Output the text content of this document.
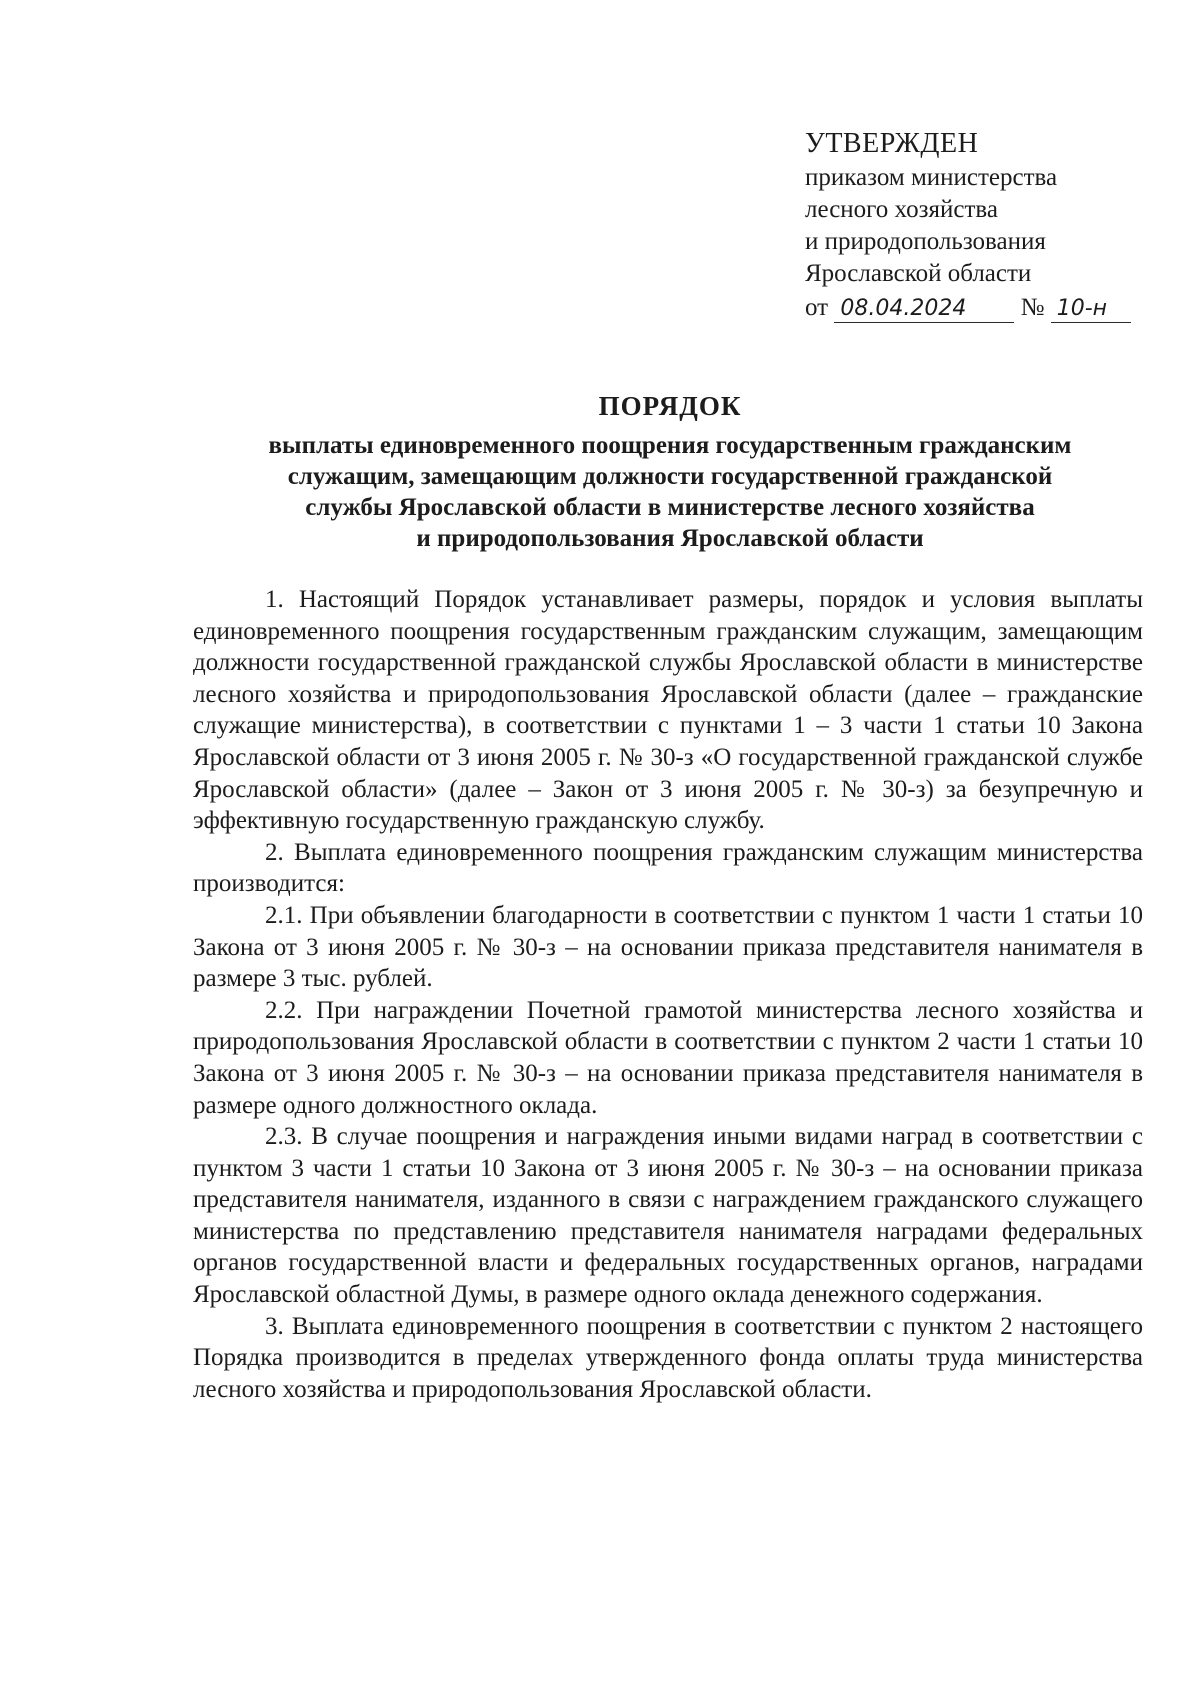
УТВЕРЖДЕН
приказом министерства
лесного хозяйства
и природопользования
Ярославской области
от 08.04.2024 № 10-н
ПОРЯДОК
выплаты единовременного поощрения государственным гражданским
служащим, замещающим должности государственной гражданской
службы Ярославской области в министерстве лесного хозяйства
и природопользования Ярославской области

1. Настоящий Порядок устанавливает размеры, порядок и условия выплаты единовременного поощрения государственным гражданским служащим, замещающим должности государственной гражданской службы Ярославской области в министерстве лесного хозяйства и природопользования Ярославской области (далее – гражданские служащие министерства), в соответствии с пунктами 1 – 3 части 1 статьи 10 Закона Ярославской области от 3 июня 2005 г. № 30-з «О государственной гражданской службе Ярославской области» (далее – Закон от 3 июня 2005 г. № 30-з) за безупречную и эффективную государственную гражданскую службу.

2. Выплата единовременного поощрения гражданским служащим министерства производится:

2.1. При объявлении благодарности в соответствии с пунктом 1 части 1 статьи 10 Закона от 3 июня 2005 г. № 30-з – на основании приказа представителя нанимателя в размере 3 тыс. рублей.

2.2. При награждении Почетной грамотой министерства лесного хозяйства и природопользования Ярославской области в соответствии с пунктом 2 части 1 статьи 10 Закона от 3 июня 2005 г. № 30-з – на основании приказа представителя нанимателя в размере одного должностного оклада.

2.3. В случае поощрения и награждения иными видами наград в соответствии с пунктом 3 части 1 статьи 10 Закона от 3 июня 2005 г. № 30-з – на основании приказа представителя нанимателя, изданного в связи с награждением гражданского служащего министерства по представлению представителя нанимателя наградами федеральных органов государственной власти и федеральных государственных органов, наградами Ярославской областной Думы, в размере одного оклада денежного содержания.

3. Выплата единовременного поощрения в соответствии с пунктом 2 настоящего Порядка производится в пределах утвержденного фонда оплаты труда министерства лесного хозяйства и природопользования Ярославской области.
